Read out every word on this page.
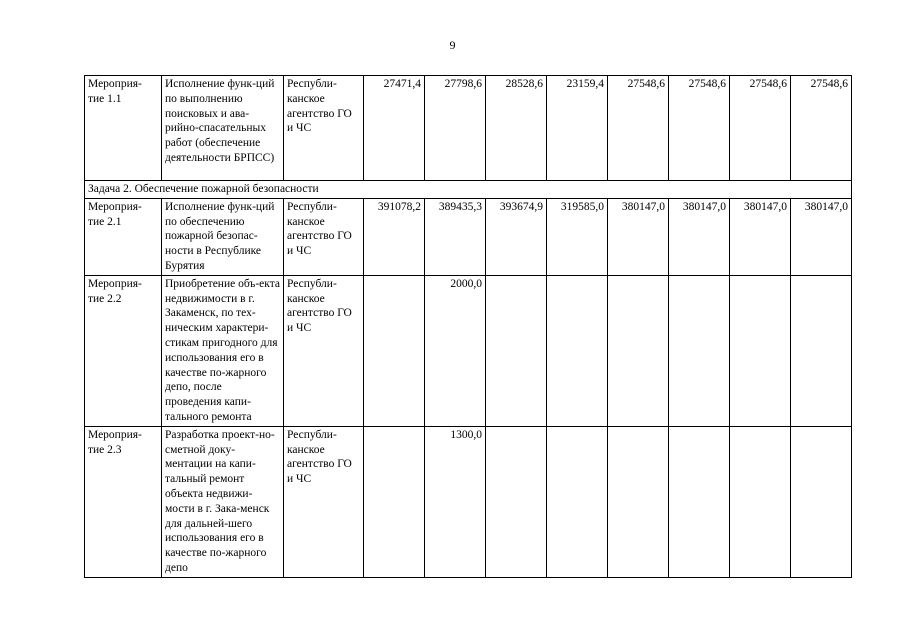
9
Мероприя-тие 1.1	Исполнение функ-ций по выполнению поисковых и ава-рийно-спасательных работ (обеспечение деятельности БРПСС)	Республи-канское агентство ГО и ЧС	27471,4	27798,6	28528,6	23159,4	27548,6	27548,6	27548,6	27548,6
Задача 2. Обеспечение пожарной безопасности										
Мероприя-тие 2.1	Исполнение функ-ций по обеспечению пожарной безопас-ности в Республике Бурятия	Республи-канское агентство ГО и ЧС	391078,2	389435,3	393674,9	319585,0	380147,0	380147,0	380147,0	380147,0
Мероприя-тие 2.2	Приобретение объ-екта недвижимости в г. Закаменск, по тех-ническим характери-стикам пригодного для использования его в качестве по-жарного депо, после проведения капи-тального ремонта	Республи-канское агентство ГО и ЧС		2000,0						
Мероприя-тие 2.3	Разработка проект-но-сметной доку-ментации на капи-тальный ремонт объекта недвижи-мости в г. Зака-менск для дальней-шего использования его в качестве по-жарного депо	Республи-канское агентство ГО и ЧС		1300,0						
